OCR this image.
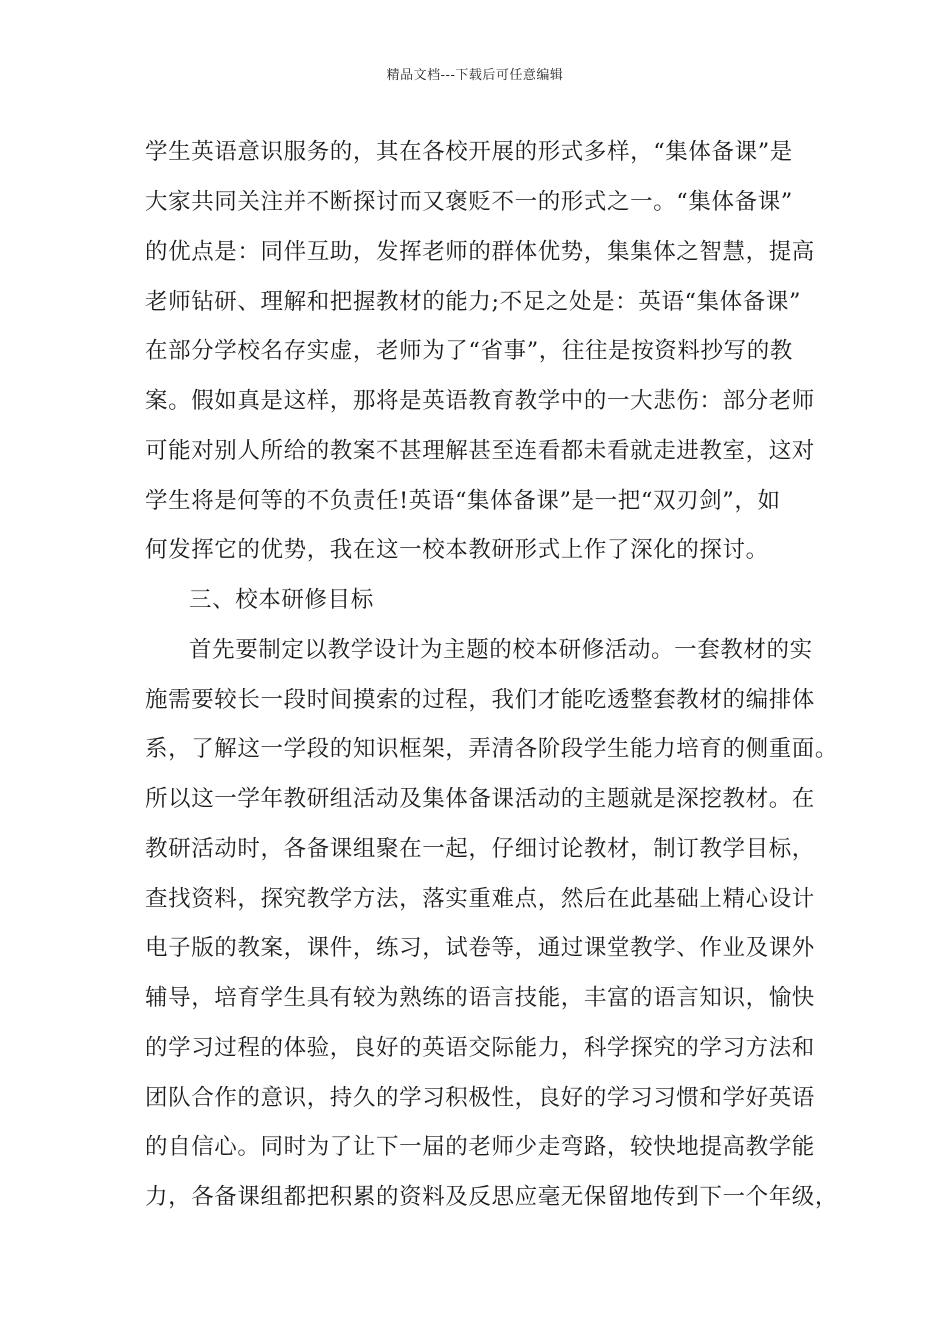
精品文档---下载后可任意编辑
学生英语意识服务的，其在各校开展的形式多样，“集体备课”是
大家共同关注并不断探讨而又褒贬不一的形式之一。“集体备课”
的优点是：同伴互助，发挥老师的群体优势，集集体之智慧，提高
老师钻研、理解和把握教材的能力;不足之处是：英语“集体备课”
在部分学校名存实虚，老师为了“省事”，往往是按资料抄写的教
案。假如真是这样，那将是英语教育教学中的一大悲伤：部分老师
可能对别人所给的教案不甚理解甚至连看都未看就走进教室，这对
学生将是何等的不负责任!英语“集体备课”是一把“双刃剑”，如
何发挥它的优势，我在这一校本教研形式上作了深化的探讨。
三、校本研修目标
首先要制定以教学设计为主题的校本研修活动。一套教材的实
施需要较长一段时间摸索的过程，我们才能吃透整套教材的编排体
系，了解这一学段的知识框架，弄清各阶段学生能力培育的侧重面。
所以这一学年教研组活动及集体备课活动的主题就是深挖教材。在
教研活动时，各备课组聚在一起，仔细讨论教材，制订教学目标，
查找资料，探究教学方法，落实重难点，然后在此基础上精心设计
电子版的教案，课件，练习，试卷等，通过课堂教学、作业及课外
辅导，培育学生具有较为熟练的语言技能，丰富的语言知识，愉快
的学习过程的体验，良好的英语交际能力，科学探究的学习方法和
团队合作的意识，持久的学习积极性，良好的学习习惯和学好英语
的自信心。同时为了让下一届的老师少走弯路，较快地提高教学能
力，各备课组都把积累的资料及反思应毫无保留地传到下一个年级，
